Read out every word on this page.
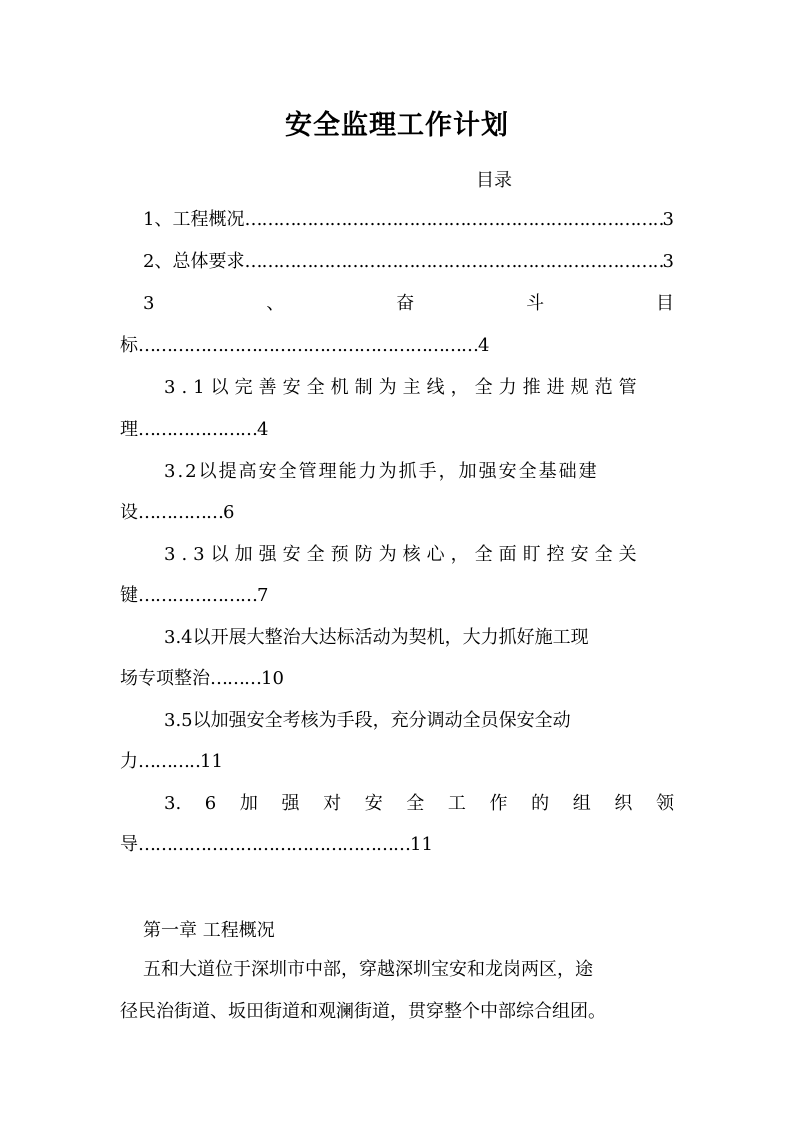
安全监理工作计划
目录
1、工程概况 ………………………………………………………………………………………………………………	3
2、总体要求 ………………………………………………………………………………………………………………	3
3	、	奋	斗	目
标……………………………………………………4
3.1以完善安全机制为主线，全力推进规范管
理…………………4
3.2以提高安全管理能力为抓手，加强安全基础建
设……………6
3.3以加强安全预防为核心，全面盯控安全关
键…………………7
3.4以开展大整治大达标活动为契机，大力抓好施工现
场专项整治………10
3.5以加强安全考核为手段，充分调动全员保安全动
力………‥11
3. 6 加 强 对 安 全 工 作 的 组 织 领
导…………………………………………11
第一章 工程概况
五和大道位于深圳市中部，穿越深圳宝安和龙岗两区，途
径民治街道、坂田街道和观澜街道，贯穿整个中部综合组团。
